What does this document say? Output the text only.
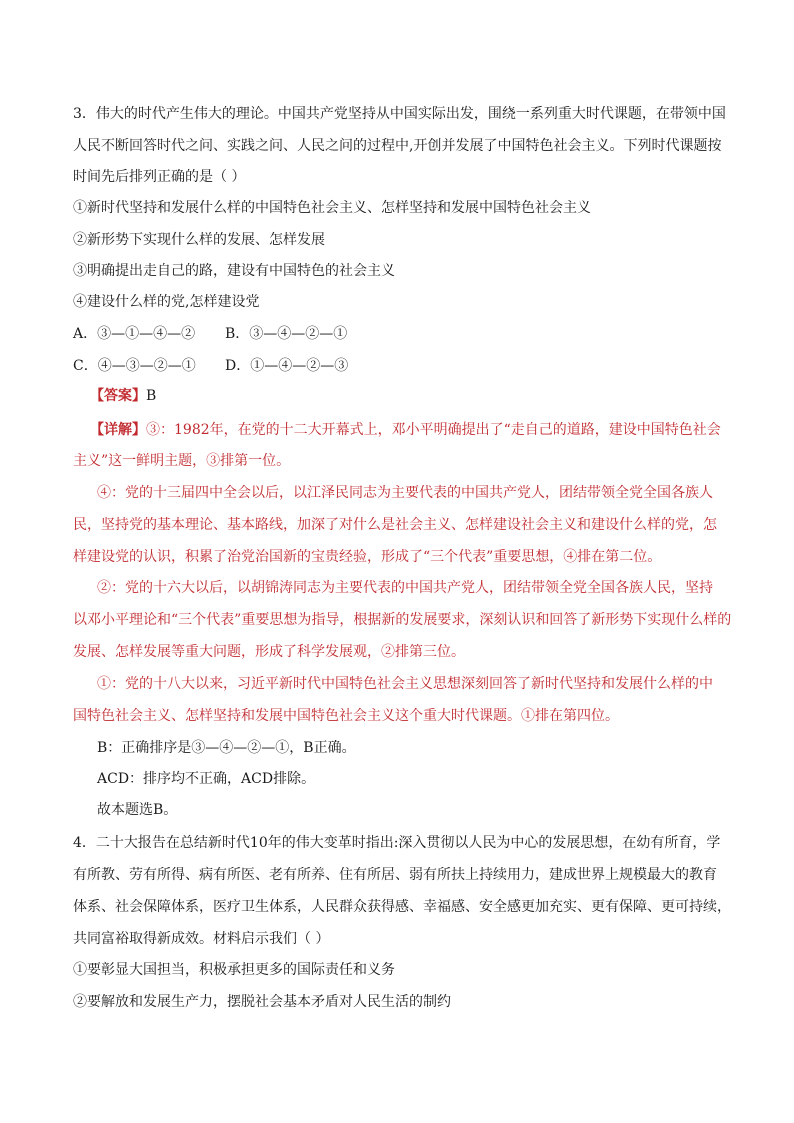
3．伟大的时代产生伟大的理论。中国共产党坚持从中国实际出发，围绕一系列重大时代课题，在带领中国
人民不断回答时代之问、实践之问、人民之问的过程中,开创并发展了中国特色社会主义。下列时代课题按
时间先后排列正确的是（ ）
①新时代坚持和发展什么样的中国特色社会主义、怎样坚持和发展中国特色社会主义
②新形势下实现什么样的发展、怎样发展
③明确提出走自己的路，建设有中国特色的社会主义
④建设什么样的党,怎样建设党
A．③—①—④—② B．③—④—②—①
C．④—③—②—① D．①—④—②—③
【答案】B
【详解】③：1982年，在党的十二大开幕式上，邓小平明确提出了“走自己的道路，建设中国特色社会
主义”这一鲜明主题，③排第一位。
④：党的十三届四中全会以后，以江泽民同志为主要代表的中国共产党人，团结带领全党全国各族人
民，坚持党的基本理论、基本路线，加深了对什么是社会主义、怎样建设社会主义和建设什么样的党，怎
样建设党的认识，积累了治党治国新的宝贵经验，形成了“三个代表”重要思想，④排在第二位。
②：党的十六大以后，以胡锦涛同志为主要代表的中国共产党人，团结带领全党全国各族人民，坚持
以邓小平理论和“三个代表”重要思想为指导，根据新的发展要求，深刻认识和回答了新形势下实现什么样的
发展、怎样发展等重大问题，形成了科学发展观，②排第三位。
①：党的十八大以来，习近平新时代中国特色社会主义思想深刻回答了新时代坚持和发展什么样的中
国特色社会主义、怎样坚持和发展中国特色社会主义这个重大时代课题。①排在第四位。
B：正确排序是③—④—②—①，B正确。
ACD：排序均不正确，ACD排除。
故本题选B。
4．二十大报告在总结新时代10年的伟大变革时指出:深入贯彻以人民为中心的发展思想，在幼有所育，学
有所教、劳有所得、病有所医、老有所养、住有所居、弱有所扶上持续用力，建成世界上规模最大的教育
体系、社会保障体系，医疗卫生体系，人民群众获得感、幸福感、安全感更加充实、更有保障、更可持续，
共同富裕取得新成效。材料启示我们（ ）
①要彰显大国担当，积极承担更多的国际责任和义务
②要解放和发展生产力，摆脱社会基本矛盾对人民生活的制约
